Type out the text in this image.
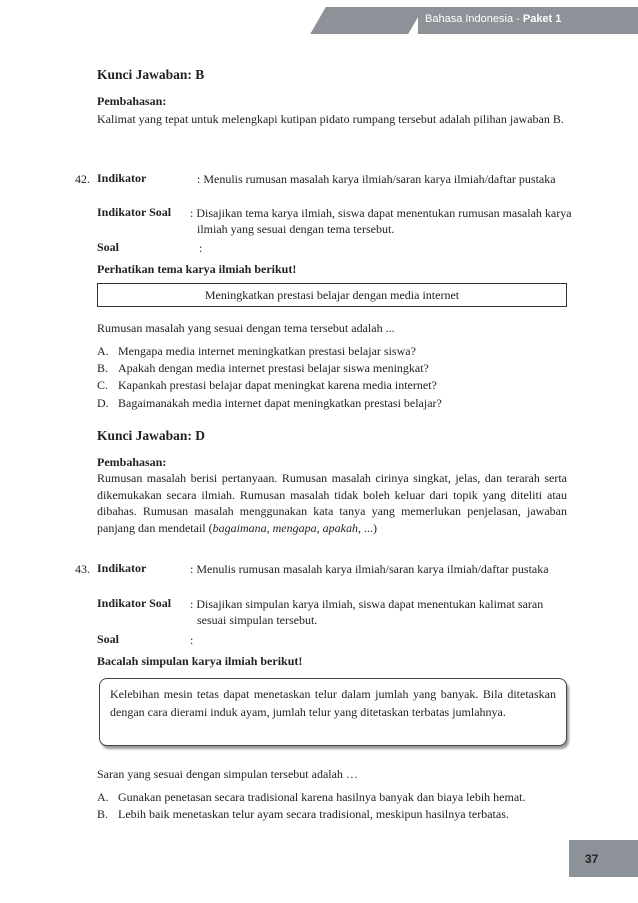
Bahasa Indonesia - Paket 1
Kunci Jawaban: B
Pembahasan:
Kalimat yang tepat untuk melengkapi kutipan pidato rumpang tersebut adalah pilihan jawaban B.
42. Indikator	: Menulis rumusan masalah karya ilmiah/saran karya ilmiah/daftar pustaka
Indikator Soal : Disajikan tema karya ilmiah, siswa dapat menentukan rumusan masalah karya ilmiah yang sesuai dengan tema tersebut.
Soal	:
Perhatikan tema karya ilmiah berikut!
Meningkatkan prestasi belajar dengan media internet
Rumusan masalah yang sesuai dengan tema tersebut adalah ...
A. Mengapa media internet meningkatkan prestasi belajar siswa?
B. Apakah dengan media internet prestasi belajar siswa meningkat?
C. Kapankah prestasi belajar dapat meningkat karena media internet?
D. Bagaimanakah media internet dapat meningkatkan prestasi belajar?
Kunci Jawaban: D
Pembahasan:
Rumusan masalah berisi pertanyaan. Rumusan masalah cirinya singkat, jelas, dan terarah serta dikemukakan secara ilmiah. Rumusan masalah tidak boleh keluar dari topik yang diteliti atau dibahas. Rumusan masalah menggunakan kata tanya yang memerlukan penjelasan, jawaban panjang dan mendetail (bagaimana, mengapa, apakah, ...)
43. Indikator	: Menulis rumusan masalah karya ilmiah/saran karya ilmiah/daftar pustaka
Indikator Soal : Disajikan simpulan karya ilmiah, siswa dapat menentukan kalimat saran sesuai simpulan tersebut.
Soal	:
Bacalah simpulan karya ilmiah berikut!
Kelebihan mesin tetas dapat menetaskan telur dalam jumlah yang banyak. Bila ditetaskan dengan cara dierami induk ayam, jumlah telur yang ditetaskan terbatas jumlahnya.
Saran yang sesuai dengan simpulan tersebut adalah …
A. Gunakan penetasan secara tradisional karena hasilnya banyak dan biaya lebih hemat.
B. Lebih baik menetaskan telur ayam secara tradisional, meskipun hasilnya terbatas.
37
